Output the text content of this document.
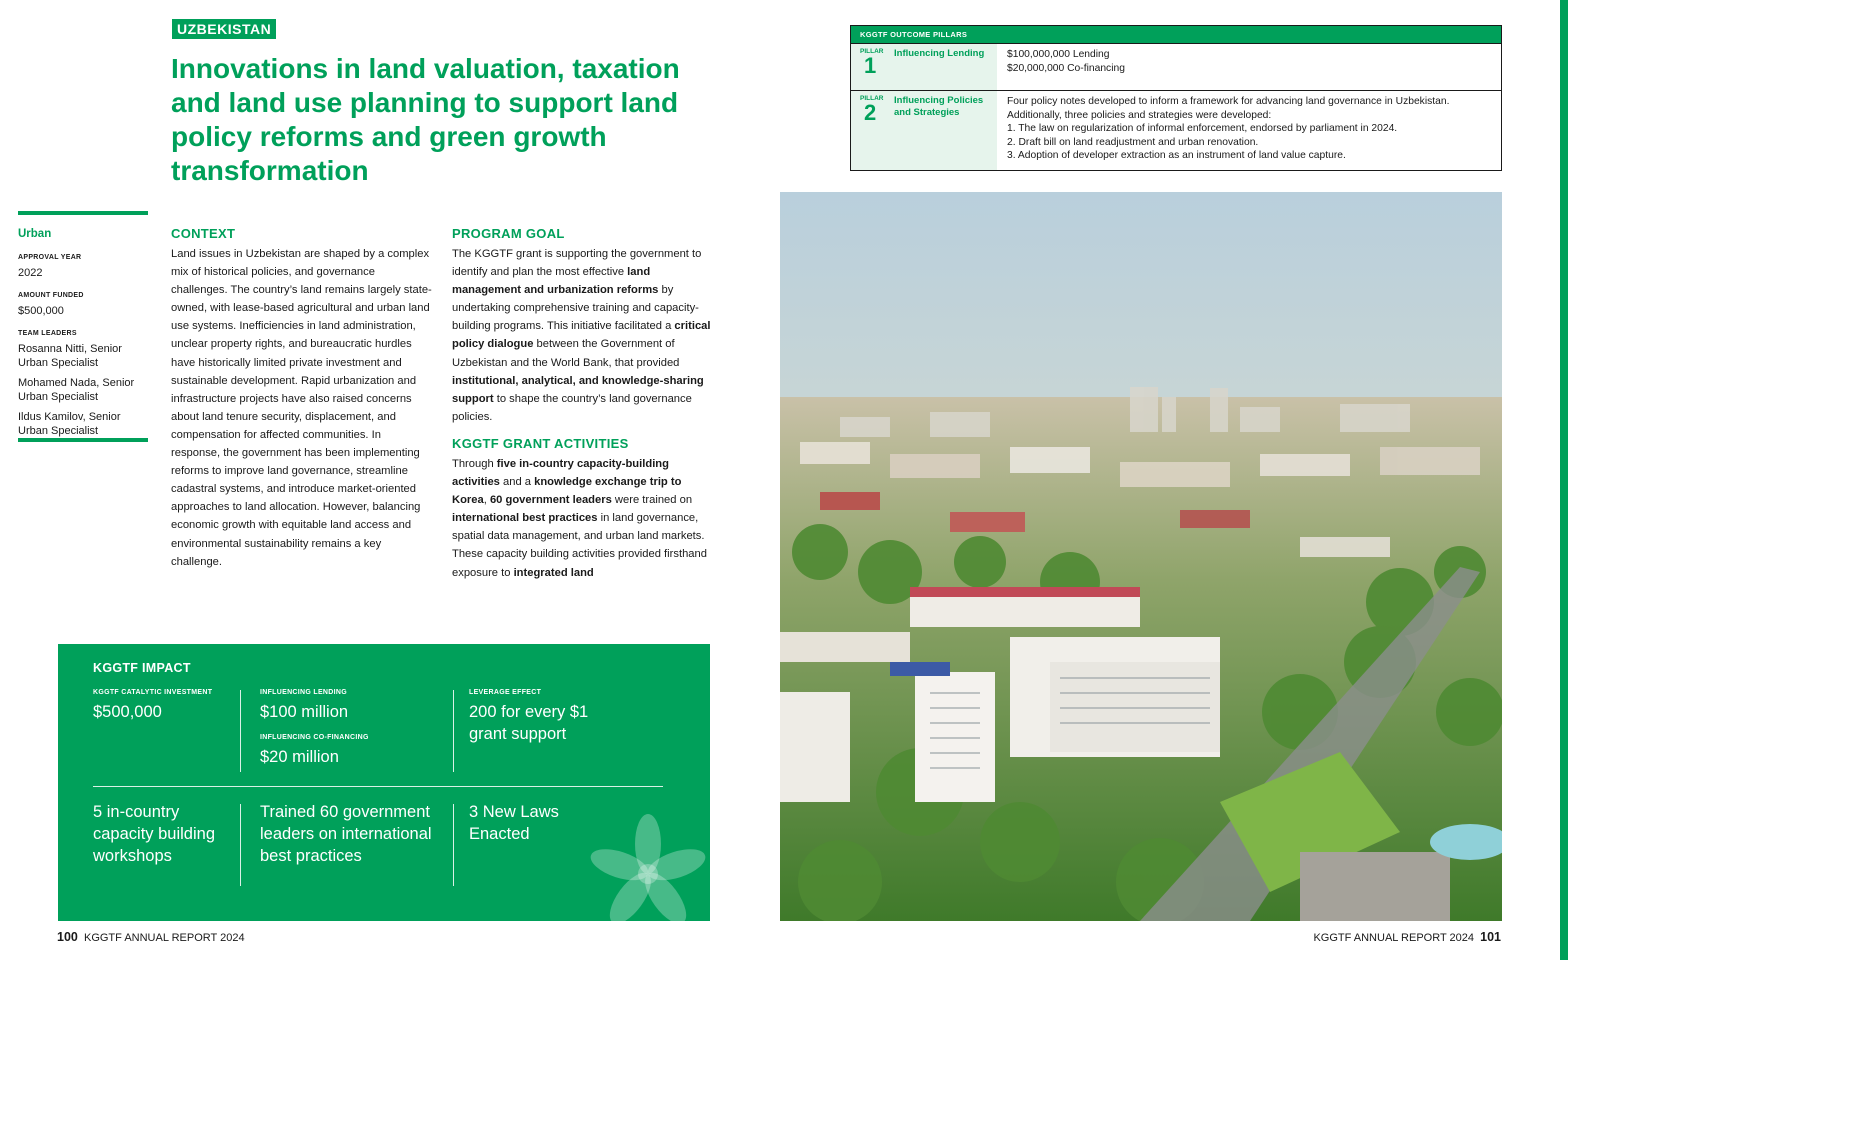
UZBEKISTAN
Innovations in land valuation, taxation and land use planning to support land policy reforms and green growth transformation
Urban
APPROVAL YEAR
2022
AMOUNT FUNDED
$500,000
TEAM LEADERS
Rosanna Nitti, Senior Urban Specialist
Mohamed Nada, Senior Urban Specialist
Ildus Kamilov, Senior Urban Specialist
CONTEXT

Land issues in Uzbekistan are shaped by a complex mix of historical policies, and governance challenges. The country’s land remains largely state-owned, with lease-based agricultural and urban land use systems. Inefficiencies in land administration, unclear property rights, and bureaucratic hurdles have historically limited private investment and sustainable development. Rapid urbanization and infrastructure projects have also raised concerns about land tenure security, displacement, and compensation for affected communities. In response, the government has been implementing reforms to improve land governance, streamline cadastral systems, and introduce market-oriented approaches to land allocation. However, balancing economic growth with equitable land access and environmental sustainability remains a key challenge.

PROGRAM GOAL

The KGGTF grant is supporting the government to identify and plan the most effective land management and urbanization reforms by undertaking comprehensive training and capacity-building programs. This initiative facilitated a critical policy dialogue between the Government of Uzbekistan and the World Bank, that provided institutional, analytical, and knowledge-sharing support to shape the country’s land governance policies.

KGGTF GRANT ACTIVITIES

Through five in-country capacity-building activities and a knowledge exchange trip to Korea, 60 government leaders were trained on international best practices in land governance, spatial data management, and urban land markets. These capacity building activities provided firsthand exposure to integrated land

KGGTF IMPACT
KGGTF CATALYTIC INVESTMENT
$500,000
INFLUENCING LENDING
$100 million
INFLUENCING CO-FINANCING
$20 million
LEVERAGE EFFECT
200 for every $1 grant support
5 in-country capacity building workshops
Trained 60 government leaders on international best practices
3 New Laws Enacted
KGGTF OUTCOME PILLARS
PILLAR
1	Influencing Lending	$100,000,000 Lending
$20,000,000 Co-financing
PILLAR
2	Influencing Policies and Strategies
Four policy notes developed to inform a framework for advancing land governance in Uzbekistan.
Additionally, three policies and strategies were developed:
1. The law on regularization of informal enforcement, endorsed by parliament in 2024.
2. Draft bill on land readjustment and urban renovation.
3. Adoption of developer extraction as an instrument of land value capture.
100 KGGTF ANNUAL REPORT 2024	KGGTF ANNUAL REPORT 2024 101
